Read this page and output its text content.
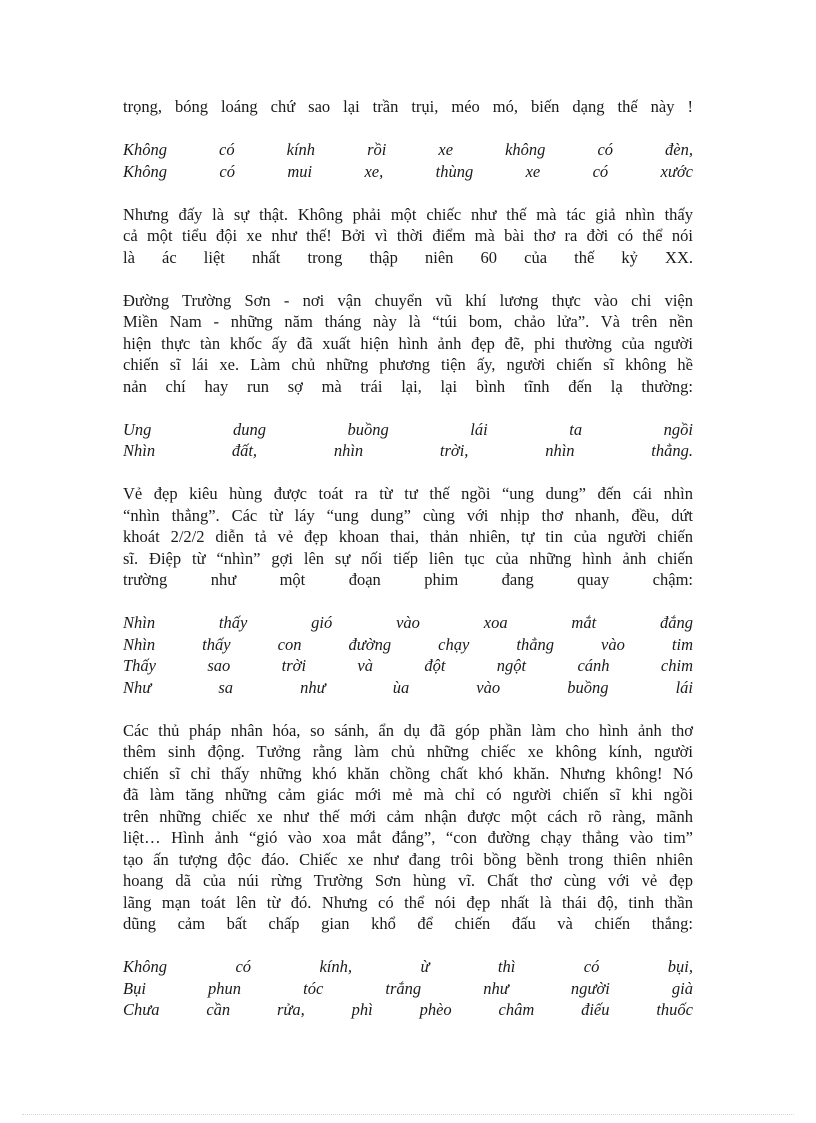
trọng, bóng loáng chứ sao lại trần trụi, méo mó, biến dạng thế này !
Không có kính rồi xe không có đèn,
Không có mui xe, thùng xe có xước
Nhưng đấy là sự thật. Không phải một chiếc như thế mà tác giả nhìn thấy
cả một tiểu đội xe như thế! Bởi vì thời điểm mà bài thơ ra đời có thể nói
là ác liệt nhất trong thập niên 60 của thế kỷ XX.
Đường Trường Sơn - nơi vận chuyển vũ khí lương thực vào chi viện
Miền Nam - những năm tháng này là “túi bom, chảo lửa”. Và trên nền
hiện thực tàn khốc ấy đã xuất hiện hình ảnh đẹp đẽ, phi thường của người
chiến sĩ lái xe. Làm chủ những phương tiện ấy, người chiến sĩ không hề
nản chí hay run sợ mà trái lại, lại bình tĩnh đến lạ thường:
Ung dung buồng lái ta ngồi
Nhìn đất, nhìn trời, nhìn thẳng.
Vẻ đẹp kiêu hùng được toát ra từ tư thế ngồi “ung dung” đến cái nhìn
“nhìn thẳng”. Các từ láy “ung dung” cùng với nhịp thơ nhanh, đều, dứt
khoát 2/2/2 diễn tả vẻ đẹp khoan thai, thản nhiên, tự tin của người chiến
sĩ. Điệp từ “nhìn” gợi lên sự nối tiếp liên tục của những hình ảnh chiến
trường như một đoạn phim đang quay chậm:
Nhìn thấy gió vào xoa mắt đắng
Nhìn thấy con đường chạy thẳng vào tim
Thấy sao trời và đột ngột cánh chim
Như sa như ùa vào buồng lái
Các thủ pháp nhân hóa, so sánh, ẩn dụ đã góp phần làm cho hình ảnh thơ
thêm sinh động. Tưởng rằng làm chủ những chiếc xe không kính, người
chiến sĩ chỉ thấy những khó khăn chồng chất khó khăn. Nhưng không! Nó
đã làm tăng những cảm giác mới mẻ mà chỉ có người chiến sĩ khi ngồi
trên những chiếc xe như thế mới cảm nhận được một cách rõ ràng, mãnh
liệt… Hình ảnh “gió vào xoa mắt đắng”, “con đường chạy thẳng vào tim”
tạo ấn tượng độc đáo. Chiếc xe như đang trôi bồng bềnh trong thiên nhiên
hoang dã của núi rừng Trường Sơn hùng vĩ. Chất thơ cùng với vẻ đẹp
lãng mạn toát lên từ đó. Nhưng có thể nói đẹp nhất là thái độ, tinh thần
dũng cảm bất chấp gian khổ để chiến đấu và chiến thắng:
Không có kính, ừ thì có bụi,
Bụi phun tóc trắng như người già
Chưa cần rửa, phì phèo châm điếu thuốc
